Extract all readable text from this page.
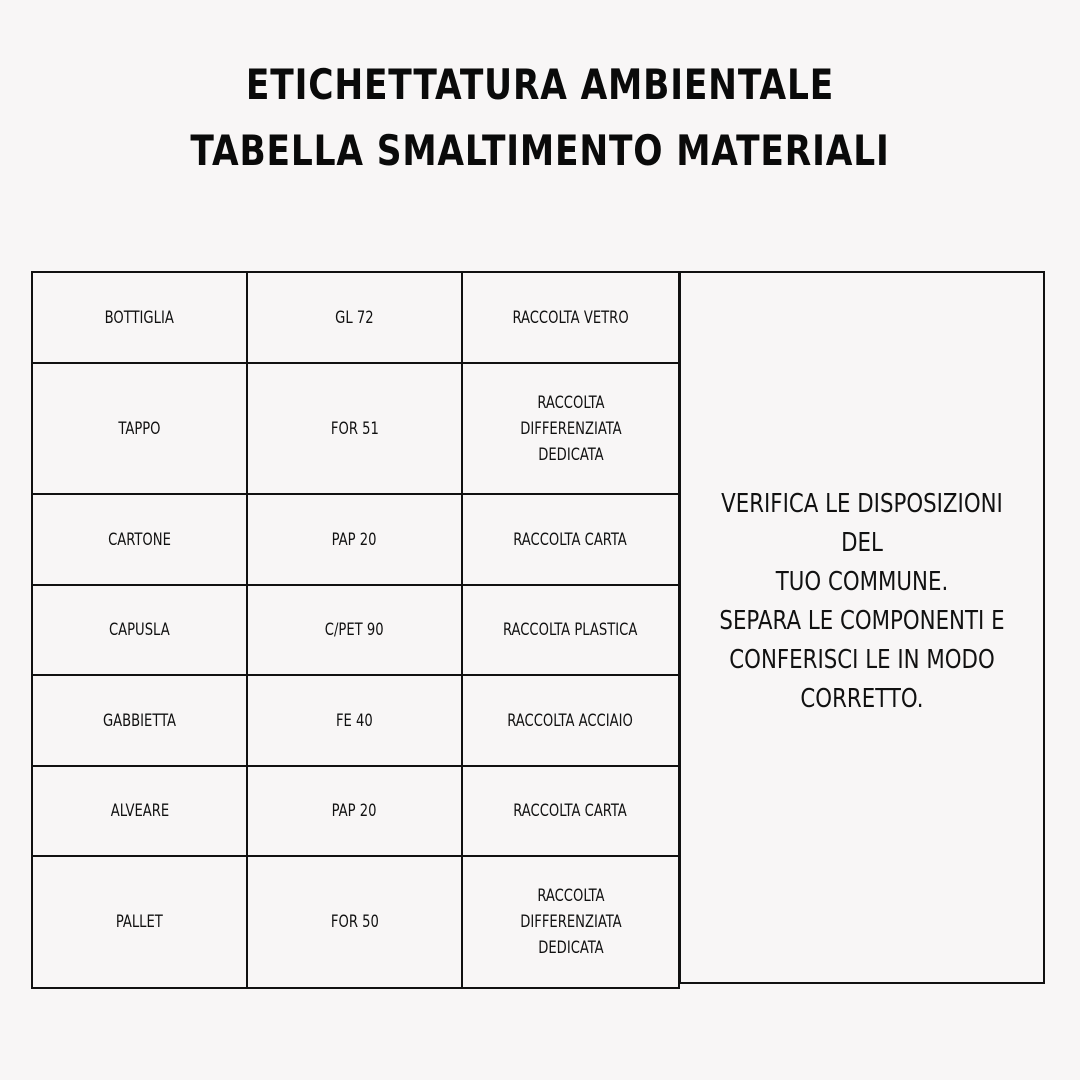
ETICHETTATURA AMBIENTALE
TABELLA SMALTIMENTO MATERIALI
BOTTIGLIA	GL 72	RACCOLTA VETRO
TAPPO	FOR 51	RACCOLTA
DIFFERENZIATA
DEDICATA
CARTONE	PAP 20	RACCOLTA CARTA
CAPUSLA	C/PET 90	RACCOLTA PLASTICA
GABBIETTA	FE 40	RACCOLTA ACCIAIO
ALVEARE	PAP 20	RACCOLTA CARTA
PALLET	FOR 50	RACCOLTA
DIFFERENZIATA
DEDICATA
VERIFICA LE DISPOSIZIONI DEL
TUO COMMUNE.
SEPARA LE COMPONENTI E
CONFERISCI LE IN MODO
CORRETTO.
